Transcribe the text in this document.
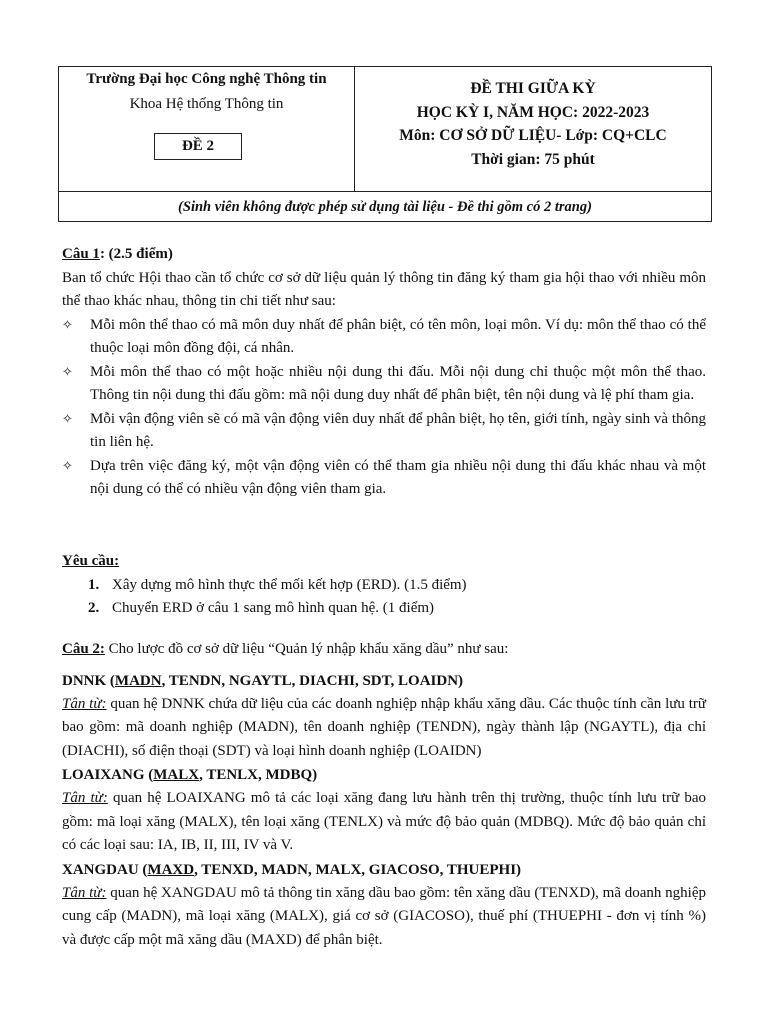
Trường Đại học Công nghệ Thông tin
Khoa Hệ thống Thông tin
ĐỀ 2
ĐỀ THI GIỮA KỲ
HỌC KỲ I, NĂM HỌC: 2022-2023
Môn: CƠ SỞ DỮ LIỆU- Lớp: CQ+CLC
Thời gian: 75 phút
(Sinh viên không được phép sử dụng tài liệu - Đề thi gồm có 2 trang)

Câu 1: (2.5 điểm)

Ban tổ chức Hội thao cần tổ chức cơ sở dữ liệu quản lý thông tin đăng ký tham gia hội thao với nhiều môn thể thao khác nhau, thông tin chi tiết như sau:

✧ Mỗi môn thể thao có mã môn duy nhất để phân biệt, có tên môn, loại môn. Ví dụ: môn thể thao có thể thuộc loại môn đồng đội, cá nhân.
✧ Mỗi môn thể thao có một hoặc nhiều nội dung thi đấu. Mỗi nội dung chỉ thuộc một môn thể thao. Thông tin nội dung thi đấu gồm: mã nội dung duy nhất để phân biệt, tên nội dung và lệ phí tham gia.
✧ Mỗi vận động viên sẽ có mã vận động viên duy nhất để phân biệt, họ tên, giới tính, ngày sinh và thông tin liên hệ.
✧ Dựa trên việc đăng ký, một vận động viên có thể tham gia nhiều nội dung thi đấu khác nhau và một nội dung có thể có nhiều vận động viên tham gia.

Yêu cầu:

1. Xây dựng mô hình thực thể mối kết hợp (ERD). (1.5 điểm)
2. Chuyển ERD ở câu 1 sang mô hình quan hệ. (1 điểm)

Câu 2: Cho lược đồ cơ sở dữ liệu “Quản lý nhập khẩu xăng dầu” như sau:

DNNK (MADN, TENDN, NGAYTL, DIACHI, SDT, LOAIDN)

Tân từ: quan hệ DNNK chứa dữ liệu của các doanh nghiệp nhập khẩu xăng dầu. Các thuộc tính cần lưu trữ bao gồm: mã doanh nghiệp (MADN), tên doanh nghiệp (TENDN), ngày thành lập (NGAYTL), địa chỉ (DIACHI), số điện thoại (SDT) và loại hình doanh nghiệp (LOAIDN)

LOAIXANG (MALX, TENLX, MDBQ)

Tân từ: quan hệ LOAIXANG mô tả các loại xăng đang lưu hành trên thị trường, thuộc tính lưu trữ bao gồm: mã loại xăng (MALX), tên loại xăng (TENLX) và mức độ bảo quản (MDBQ). Mức độ bảo quản chỉ có các loại sau: IA, IB, II, III, IV và V.

XANGDAU (MAXD, TENXD, MADN, MALX, GIACOSO, THUEPHI)

Tân từ: quan hệ XANGDAU mô tả thông tin xăng dầu bao gồm: tên xăng dầu (TENXD), mã doanh nghiệp cung cấp (MADN), mã loại xăng (MALX), giá cơ sở (GIACOSO), thuế phí (THUEPHI - đơn vị tính %) và được cấp một mã xăng dầu (MAXD) để phân biệt.
